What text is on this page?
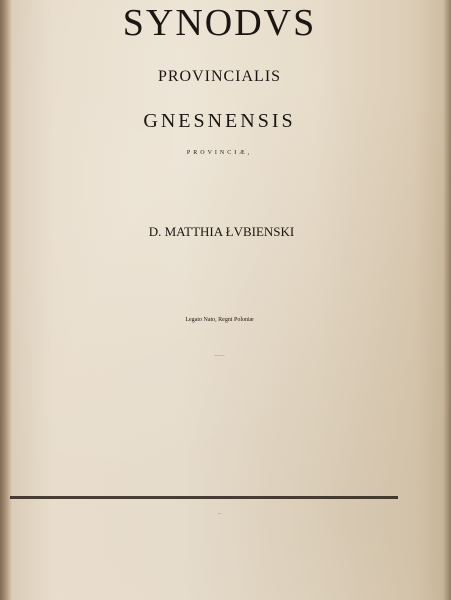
SYNODVS
PROVINCIALIS
GNESNENSIS
PROVINCIÆ,
D. MATTHIA ŁVBIENSKI
Legato Nato, Regni Poloniæ
Primate & Primo Principe.
Ibidem,
